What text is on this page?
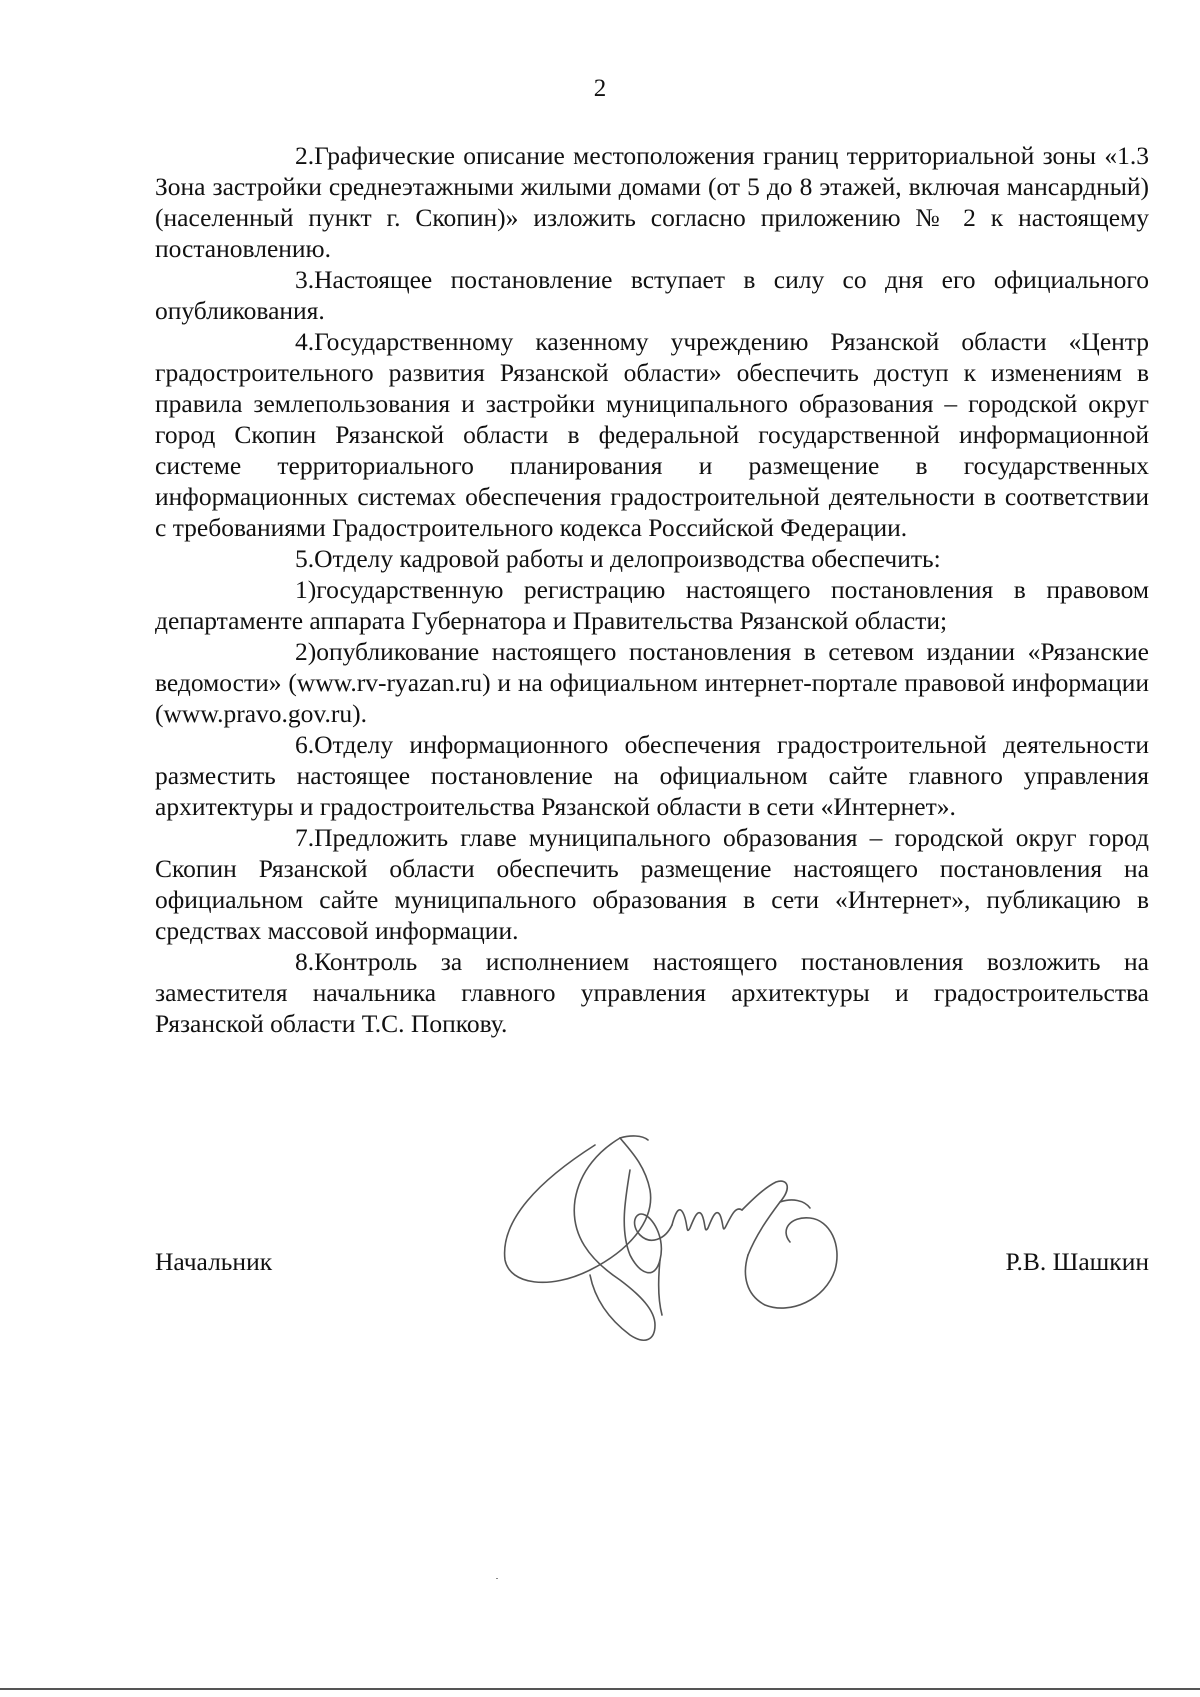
2

2.Графические описание местоположения границ территориальной зоны «1.3 Зона застройки среднеэтажными жилыми домами (от 5 до 8 этажей, включая мансардный) (населенный пункт г. Скопин)» изложить согласно приложению № 2 к настоящему постановлению.

3.Настоящее постановление вступает в силу со дня его официального опубликования.

4.Государственному казенному учреждению Рязанской области «Центр градостроительного развития Рязанской области» обеспечить доступ к изменениям в правила землепользования и застройки муниципального образования – городской округ город Скопин Рязанской области в федеральной государственной информационной системе территориального планирования и размещение в государственных информационных системах обеспечения градостроительной деятельности в соответствии с требованиями Градостроительного кодекса Российской Федерации.

5.Отделу кадровой работы и делопроизводства обеспечить:

1)государственную регистрацию настоящего постановления в правовом департаменте аппарата Губернатора и Правительства Рязанской области;

2)опубликование настоящего постановления в сетевом издании «Рязанские ведомости» (www.rv-ryazan.ru) и на официальном интернет-портале правовой информации (www.pravo.gov.ru).

6.Отделу информационного обеспечения градостроительной деятельности разместить настоящее постановление на официальном сайте главного управления архитектуры и градостроительства Рязанской области в сети «Интернет».

7.Предложить главе муниципального образования – городской округ город Скопин Рязанской области обеспечить размещение настоящего постановления на официальном сайте муниципального образования в сети «Интернет», публикацию в средствах массовой информации.

8.Контроль за исполнением настоящего постановления возложить на заместителя начальника главного управления архитектуры и градостроительства Рязанской области Т.С. Попкову.

Начальник	Р.В. Шашкин
